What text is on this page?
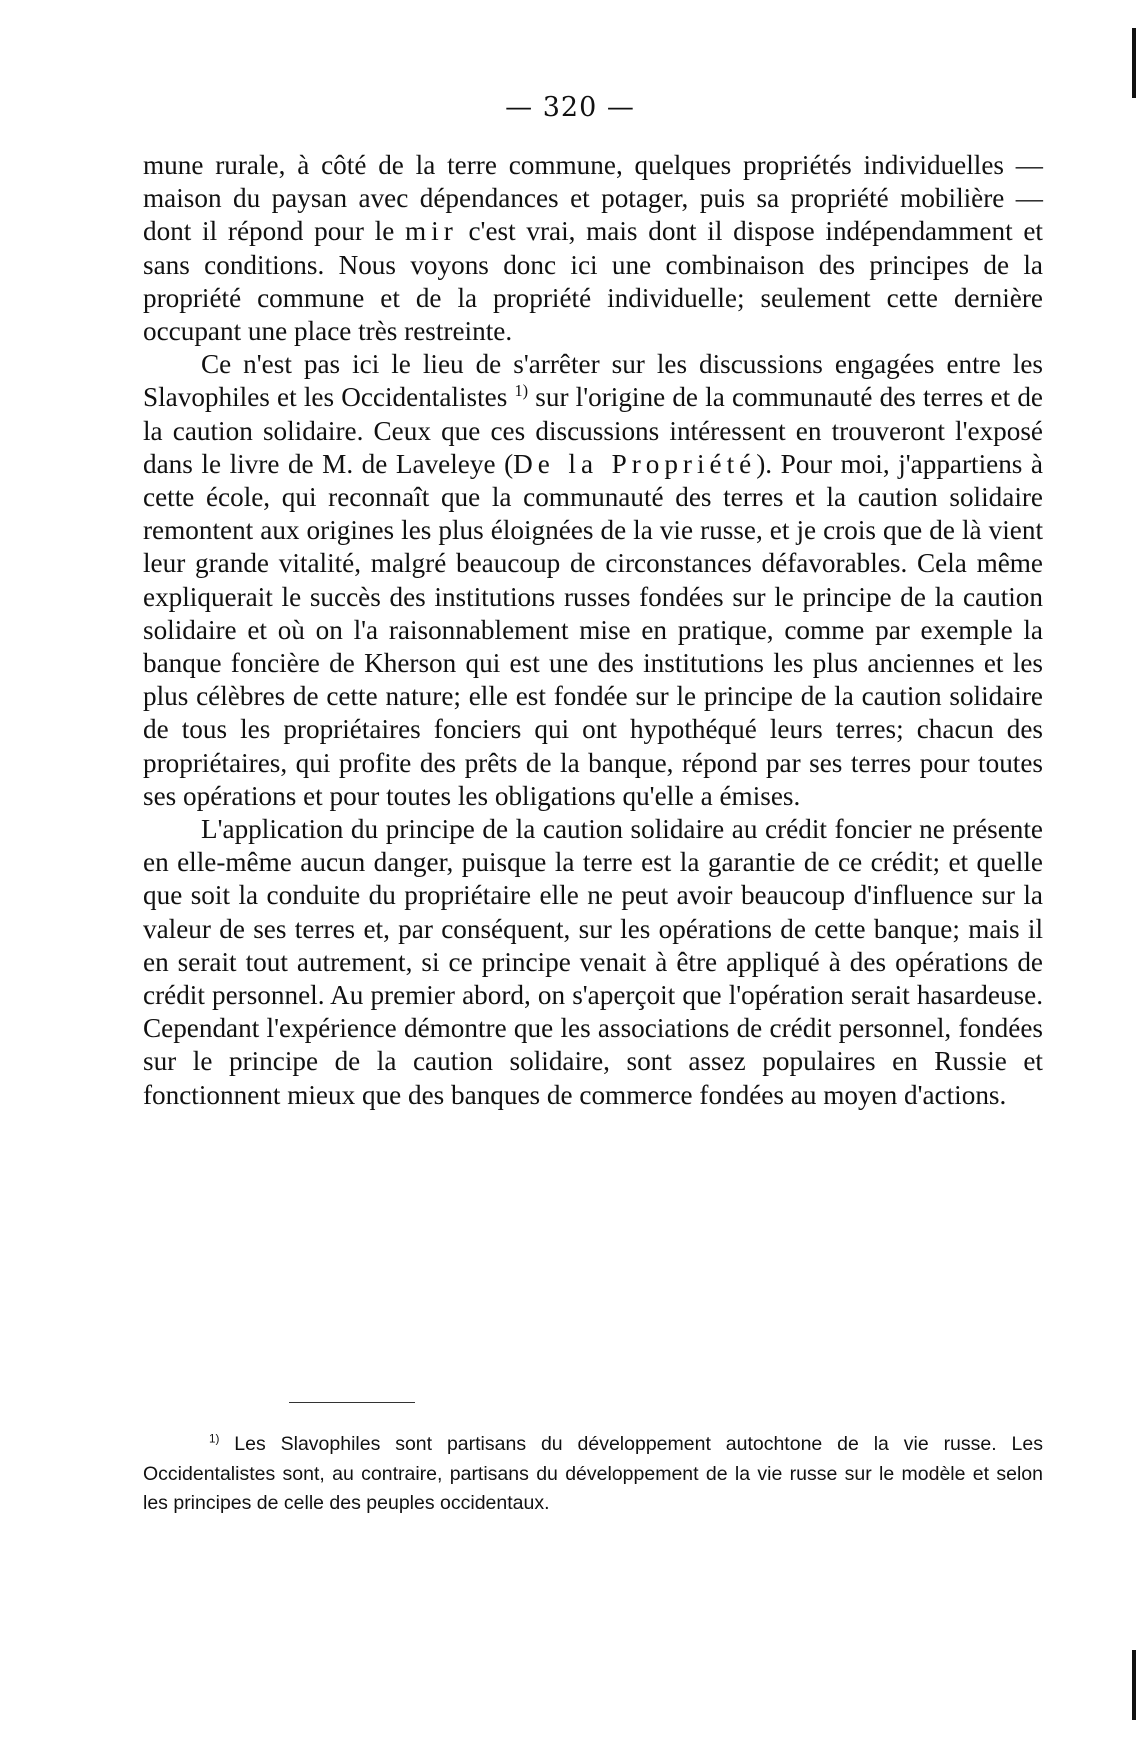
— 320 —

mune rurale, à côté de la terre commune, quelques propriétés individuelles — maison du paysan avec dépendances et potager, puis sa propriété mobilière — dont il répond pour le mir c'est vrai, mais dont il dispose indépendamment et sans conditions. Nous voyons donc ici une combinaison des principes de la propriété commune et de la propriété individuelle; seulement cette dernière occupant une place très restreinte.

Ce n'est pas ici le lieu de s'arrêter sur les discussions engagées entre les Slavophiles et les Occidentalistes $^{1)}$ sur l'origine de la communauté des terres et de la caution solidaire. Ceux que ces discussions intéressent en trouveront l'exposé dans le livre de M. de Laveleye (De la Propriété). Pour moi, j'appartiens à cette école, qui reconnaît que la communauté des terres et la caution solidaire remontent aux origines les plus éloignées de la vie russe, et je crois que de là vient leur grande vitalité, malgré beaucoup de circonstances défavorables. Cela même expliquerait le succès des institutions russes fondées sur le principe de la caution solidaire et où on l'a raisonnablement mise en pratique, comme par exemple la banque foncière de Kherson qui est une des institutions les plus anciennes et les plus célèbres de cette nature; elle est fondée sur le principe de la caution solidaire de tous les propriétaires fonciers qui ont hypothéqué leurs terres; chacun des propriétaires, qui profite des prêts de la banque, répond par ses terres pour toutes ses opérations et pour toutes les obligations qu'elle a émises.

L'application du principe de la caution solidaire au crédit foncier ne présente en elle-même aucun danger, puisque la terre est la garantie de ce crédit; et quelle que soit la conduite du propriétaire elle ne peut avoir beaucoup d'influence sur la valeur de ses terres et, par conséquent, sur les opérations de cette banque; mais il en serait tout autrement, si ce principe venait à être appliqué à des opérations de crédit personnel. Au premier abord, on s'aperçoit que l'opération serait hasardeuse. Cependant l'expérience démontre que les associations de crédit personnel, fondées sur le principe de la caution solidaire, sont assez populaires en Russie et fonctionnent mieux que des banques de commerce fondées au moyen d'actions.

$^{1)}$ Les Slavophiles sont partisans du développement autochtone de la vie russe. Les Occidentalistes sont, au contraire, partisans du développement de la vie russe sur le modèle et selon les principes de celle des peuples occidentaux.
